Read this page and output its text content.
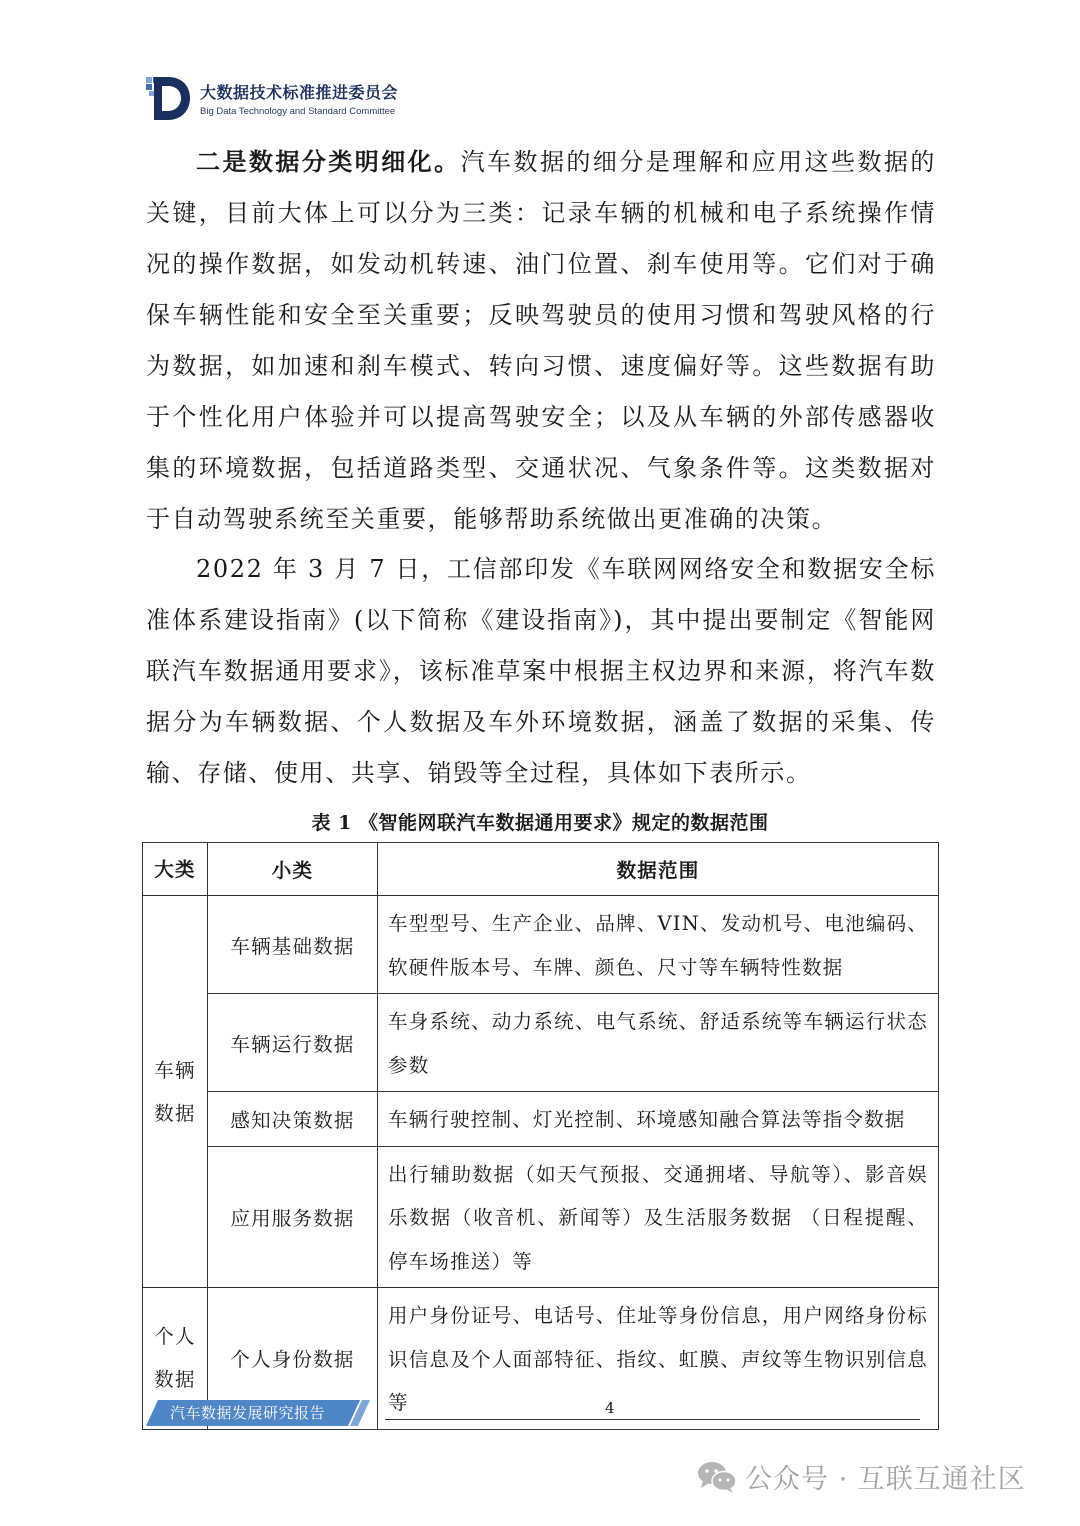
大数据技术标准推进委员会
Big Data Technology and Standard Committee

二是数据分类明细化。汽车数据的细分是理解和应用这些数据的关键，目前大体上可以分为三类：记录车辆的机械和电子系统操作情况的操作数据，如发动机转速、油门位置、刹车使用等。它们对于确保车辆性能和安全至关重要；反映驾驶员的使用习惯和驾驶风格的行为数据，如加速和刹车模式、转向习惯、速度偏好等。这些数据有助于个性化用户体验并可以提高驾驶安全；以及从车辆的外部传感器收集的环境数据，包括道路类型、交通状况、气象条件等。这类数据对于自动驾驶系统至关重要，能够帮助系统做出更准确的决策。

2022 年 3 月 7 日，工信部印发《车联网网络安全和数据安全标准体系建设指南》(以下简称《建设指南》)，其中提出要制定《智能网联汽车数据通用要求》，该标准草案中根据主权边界和来源，将汽车数据分为车辆数据、个人数据及车外环境数据，涵盖了数据的采集、传输、存储、使用、共享、销毁等全过程，具体如下表所示。

表 1 《智能网联汽车数据通用要求》规定的数据范围
大类	小类	数据范围
车辆数据	车辆基础数据	车型型号、生产企业、品牌、VIN、发动机号、电池编码、软硬件版本号、车牌、颜色、尺寸等车辆特性数据
	车辆运行数据	车身系统、动力系统、电气系统、舒适系统等车辆运行状态参数
	感知决策数据	车辆行驶控制、灯光控制、环境感知融合算法等指令数据
	应用服务数据	出行辅助数据（如天气预报、交通拥堵、导航等）、影音娱乐数据（收音机、新闻等）及生活服务数据 （日程提醒、停车场推送）等
个人数据	个人身份数据	用户身份证号、电话号、住址等身份信息，用户网络身份标识信息及个人面部特征、指纹、虹膜、声纹等生物识别信息等
汽车数据发展研究报告	4
公众号 · 互联互通社区
